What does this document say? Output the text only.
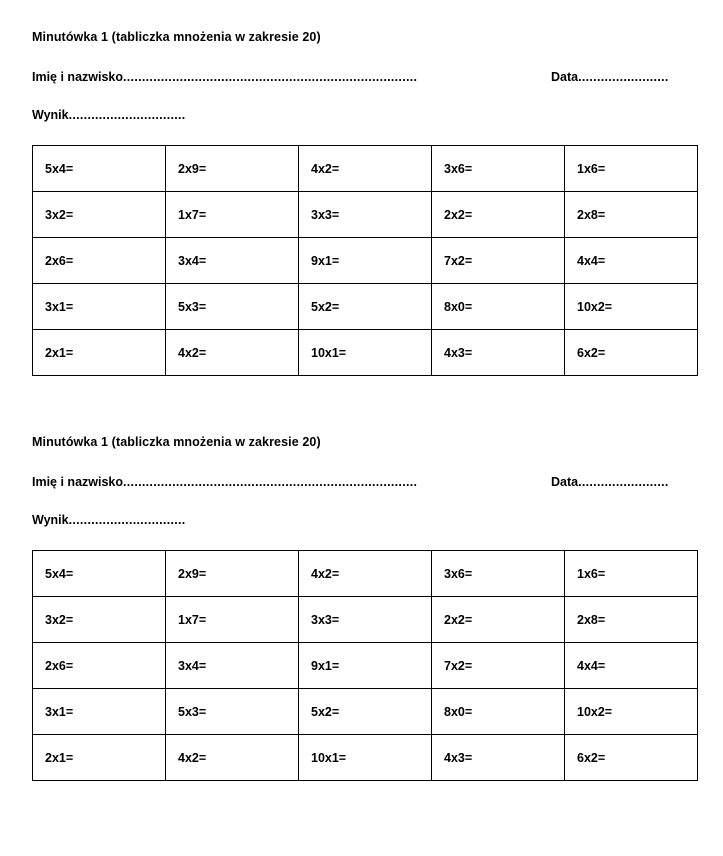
Minutówka 1 (tabliczka mnożenia w zakresie 20)
Imię i nazwisko ..............................................................................	Data ........................
Wynik ...............................
5x4=	2x9=	4x2=	3x6=	1x6=
3x2=	1x7=	3x3=	2x2=	2x8=
2x6=	3x4=	9x1=	7x2=	4x4=
3x1=	5x3=	5x2=	8x0=	10x2=
2x1=	4x2=	10x1=	4x3=	6x2=
Minutówka 1 (tabliczka mnożenia w zakresie 20)
Imię i nazwisko ..............................................................................	Data ........................
Wynik ...............................
5x4=	2x9=	4x2=	3x6=	1x6=
3x2=	1x7=	3x3=	2x2=	2x8=
2x6=	3x4=	9x1=	7x2=	4x4=
3x1=	5x3=	5x2=	8x0=	10x2=
2x1=	4x2=	10x1=	4x3=	6x2=
